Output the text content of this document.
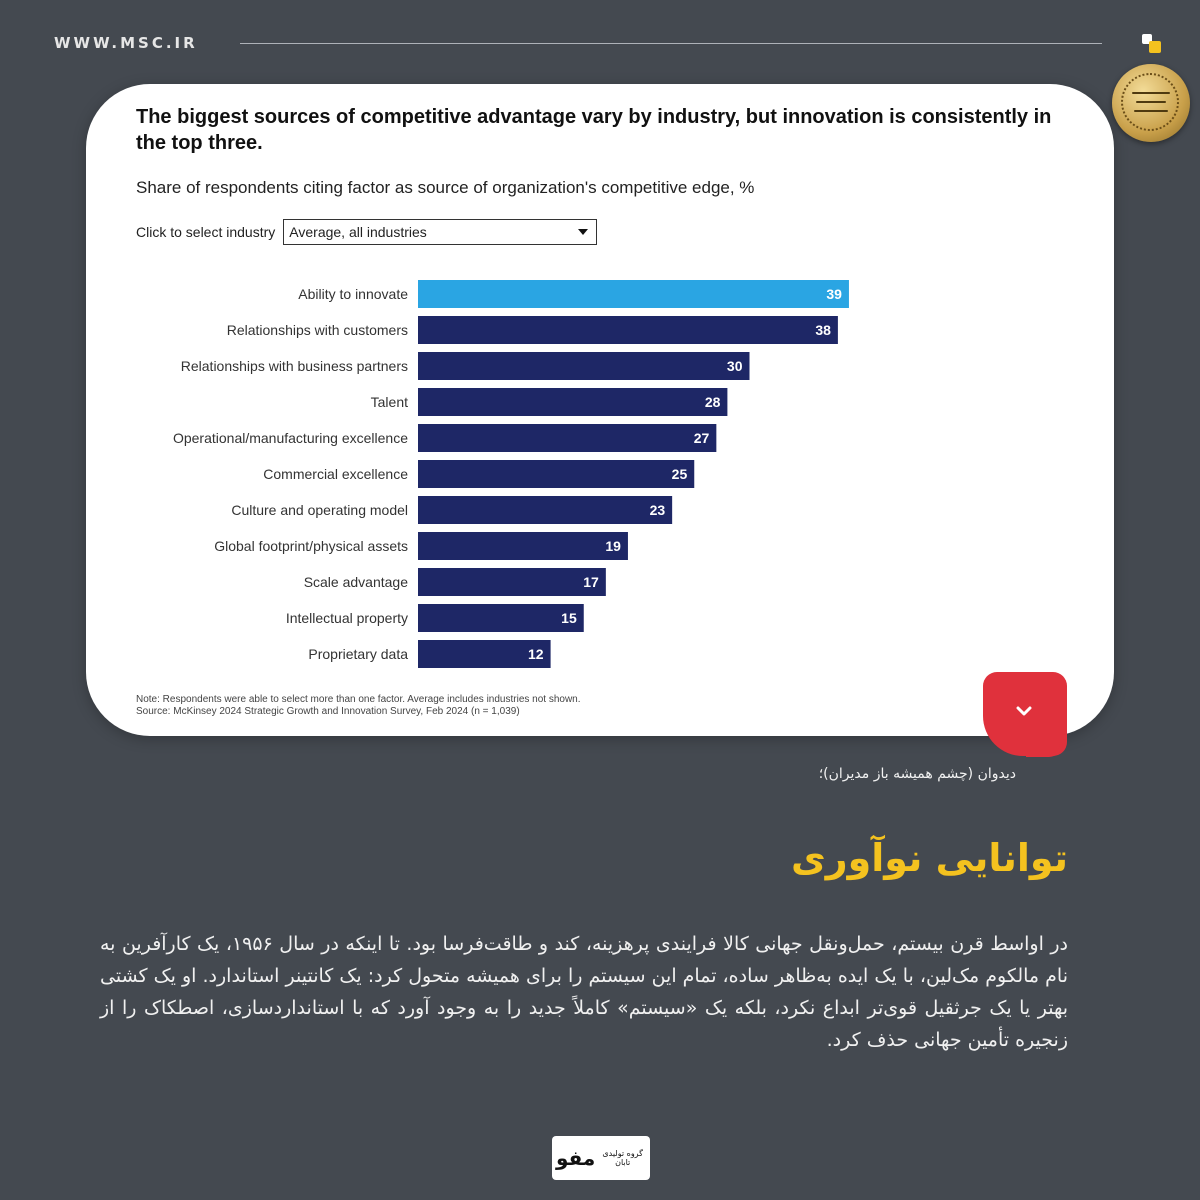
WWW.MSC.IR
The biggest sources of competitive advantage vary by industry, but innovation is consistently in the top three.
Share of respondents citing factor as source of organization's competitive edge, %
Click to select industry Average, all industries
Ability to innovate	39
Relationships with customers	38
Relationships with business partners	30
Talent	28
Operational/manufacturing excellence	27
Commercial excellence	25
Culture and operating model	23
Global footprint/physical assets	19
Scale advantage	17
Intellectual property	15
Proprietary data	12
Note: Respondents were able to select more than one factor. Average includes industries not shown.
Source: McKinsey 2024 Strategic Growth and Innovation Survey, Feb 2024 (n = 1,039)
دیدوان (چشم همیشه باز مدیران)؛
توانایی نوآوری

در اواسط قرن بیستم، حمل‌ونقل جهانی کالا فرایندی پرهزینه، کند و طاقت‌فرسا بود. تا اینکه در سال ۱۹۵۶، یک کارآفرین به نام مالکوم مک‌لین، با یک ایده به‌ظاهر ساده، تمام این سیستم را برای همیشه متحول کرد: یک کانتینر استاندارد. او یک کشتی بهتر یا یک جرثقیل قوی‌تر ابداع نکرد، بلکه یک «سیستم» کاملاً جدید را به وجود آورد که با استانداردسازی، اصطکاک را از زنجیره تأمین جهانی حذف کرد.

مفو گروه تولیدی تابان
